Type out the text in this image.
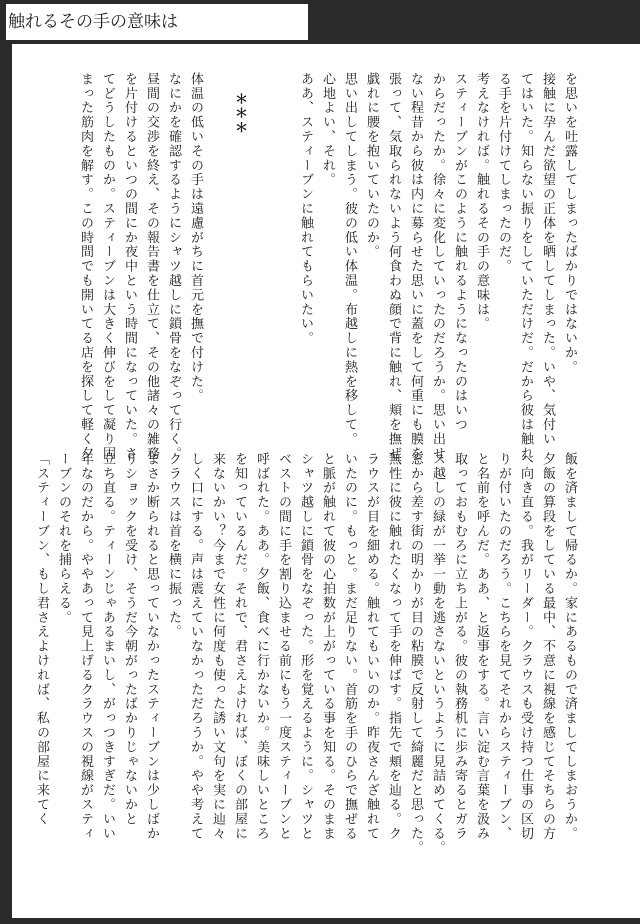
触れるその手の意味は
を思いを吐露してしまったばかりではないか。
接触に孕んだ欲望の正体を晒してしまった。いや、気付い
てはいた。知らない振りをしていただけだ。だから彼は触れ
る手を片付けてしまったのだ。
考えなければ。触れるその手の意味は。
スティーブンがこのように触れるようになったのはいつ
からだったか。徐々に変化していったのだろうか。思い出せ
ない程昔から彼は内に募らせた思いに蓋をして何重にも膜を
張って、気取られないよう何食わぬ顔で背に触れ、頬を撫ぜ、
戯れに腰を抱いていたのか。
思い出してしまう。彼の低い体温。布越しに熱を移して。
心地よい、それ。
ああ、スティーブンに触れてもらいたい。
＊＊＊
体温の低いその手は遠慮がちに首元を撫で付けた。
なにかを確認するようにシャツ越しに鎖骨をなぞって行く。
昼間の交渉を終え、その報告書を仕立て、その他諸々の雑務
を片付けるといつの間にか夜中という時間になっていた。さ
てどうしたものか。スティーブンは大きく伸びをして凝り固
まった筋肉を解す。この時間でも開いてる店を探して軽く夕
飯を済まして帰るか。家にあるもので済ましてしまおうか。
夕飯の算段をしている最中、不意に視線を感じてそちらの方
へ向き直る。我がリーダー。クラウスも受け持つ仕事の区切
りが付いたのだろう。こちらを見てそれからスティーブン、
と名前を呼んだ。ああ、と返事をする。言い淀む言葉を汲み
取っておもむろに立ち上がる。彼の執務机に歩み寄るとガラ
ス越しの緑が一挙一動を逃さないというように見詰めてくる。
窓から差す街の明かりが目の粘膜で反射して綺麗だと思った。
無性に彼に触れたくなって手を伸ばす。指先で頬を辿る。ク
ラウスが目を細める。触れてもいいのか。昨夜さんざ触れて
いたのに。もっと。まだ足りない。首筋を手のひらで撫ぜる
と脈が触れて彼の心拍数が上がっている事を知る。そのまま
シャツ越しに鎖骨をなぞった。形を覚えるように。シャツと
ベストの間に手を割り込ませる前にもう一度スティーブンと
呼ばれた。ああ。夕飯、食べに行かないか。美味しいところ
を知っているんだ。それで、君さえよければ、ぼくの部屋に
来ないかい？今まで女性に何度も使った誘い文句を実に辿々
しく口にする。声は震えていなかっただろうか。やや考えて
クラウスは首を横に振った。
まさか断られると思っていなかったスティーブンは少しばか
りショックを受け、そうだ今朝がったばかりじゃないかと
立ち直る。ティーンじゃあるまいし、がっつきすぎだ。いい
年なのだから。ややあって見上げるクラウスの視線がスティ
ーブンのそれを捕らえる。
「スティーブン、もし君さえよければ、私の部屋に来てく
